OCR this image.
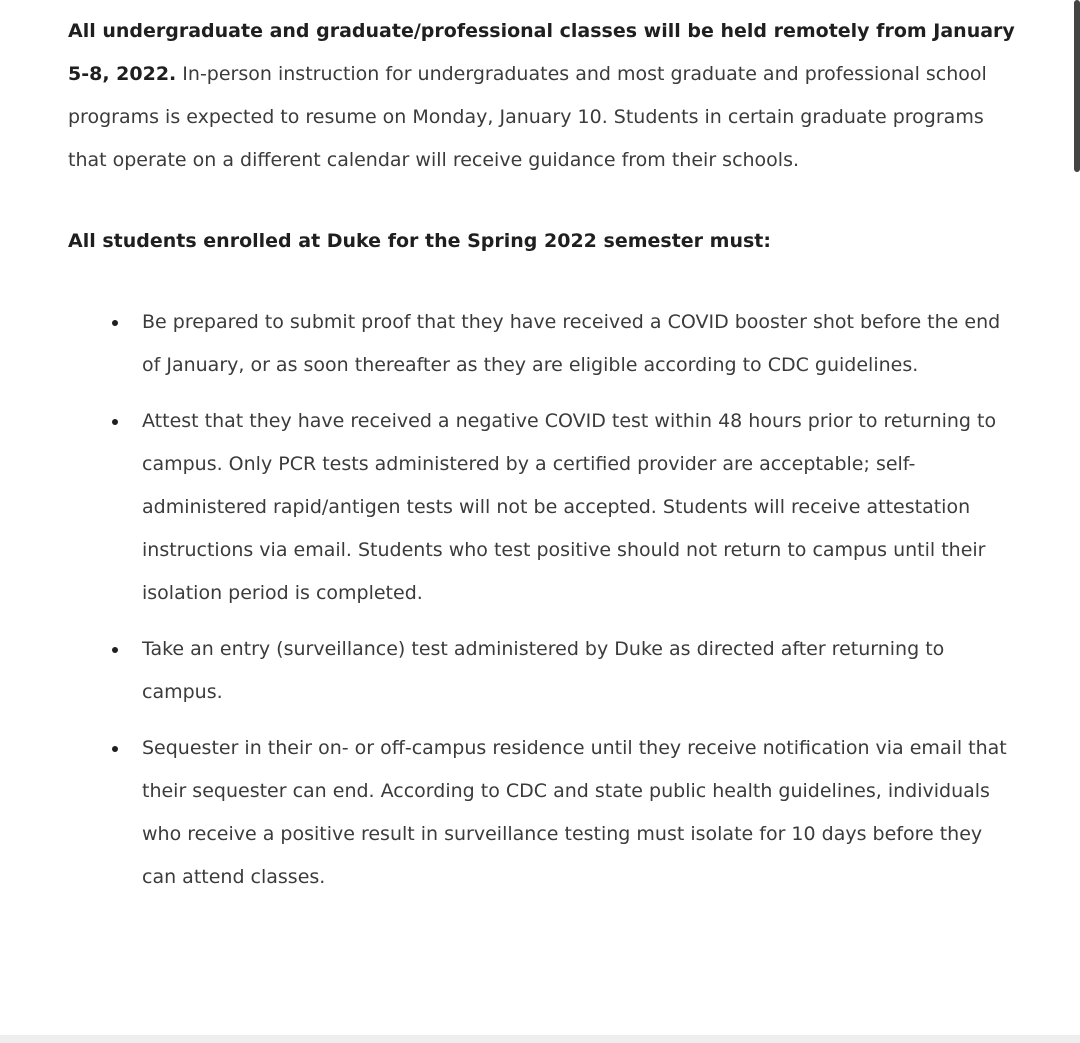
All undergraduate and graduate/professional classes will be held remotely from January 5-8, 2022. In-person instruction for undergraduates and most graduate and professional school programs is expected to resume on Monday, January 10. Students in certain graduate programs that operate on a different calendar will receive guidance from their schools.

All students enrolled at Duke for the Spring 2022 semester must:

• Be prepared to submit proof that they have received a COVID booster shot before the end of January, or as soon thereafter as they are eligible according to CDC guidelines.
• Attest that they have received a negative COVID test within 48 hours prior to returning to campus. Only PCR tests administered by a certified provider are acceptable; self-administered rapid/antigen tests will not be accepted. Students will receive attestation instructions via email. Students who test positive should not return to campus until their isolation period is completed.
• Take an entry (surveillance) test administered by Duke as directed after returning to campus.
• Sequester in their on- or off-campus residence until they receive notification via email that their sequester can end. According to CDC and state public health guidelines, individuals who receive a positive result in surveillance testing must isolate for 10 days before they can attend classes.
